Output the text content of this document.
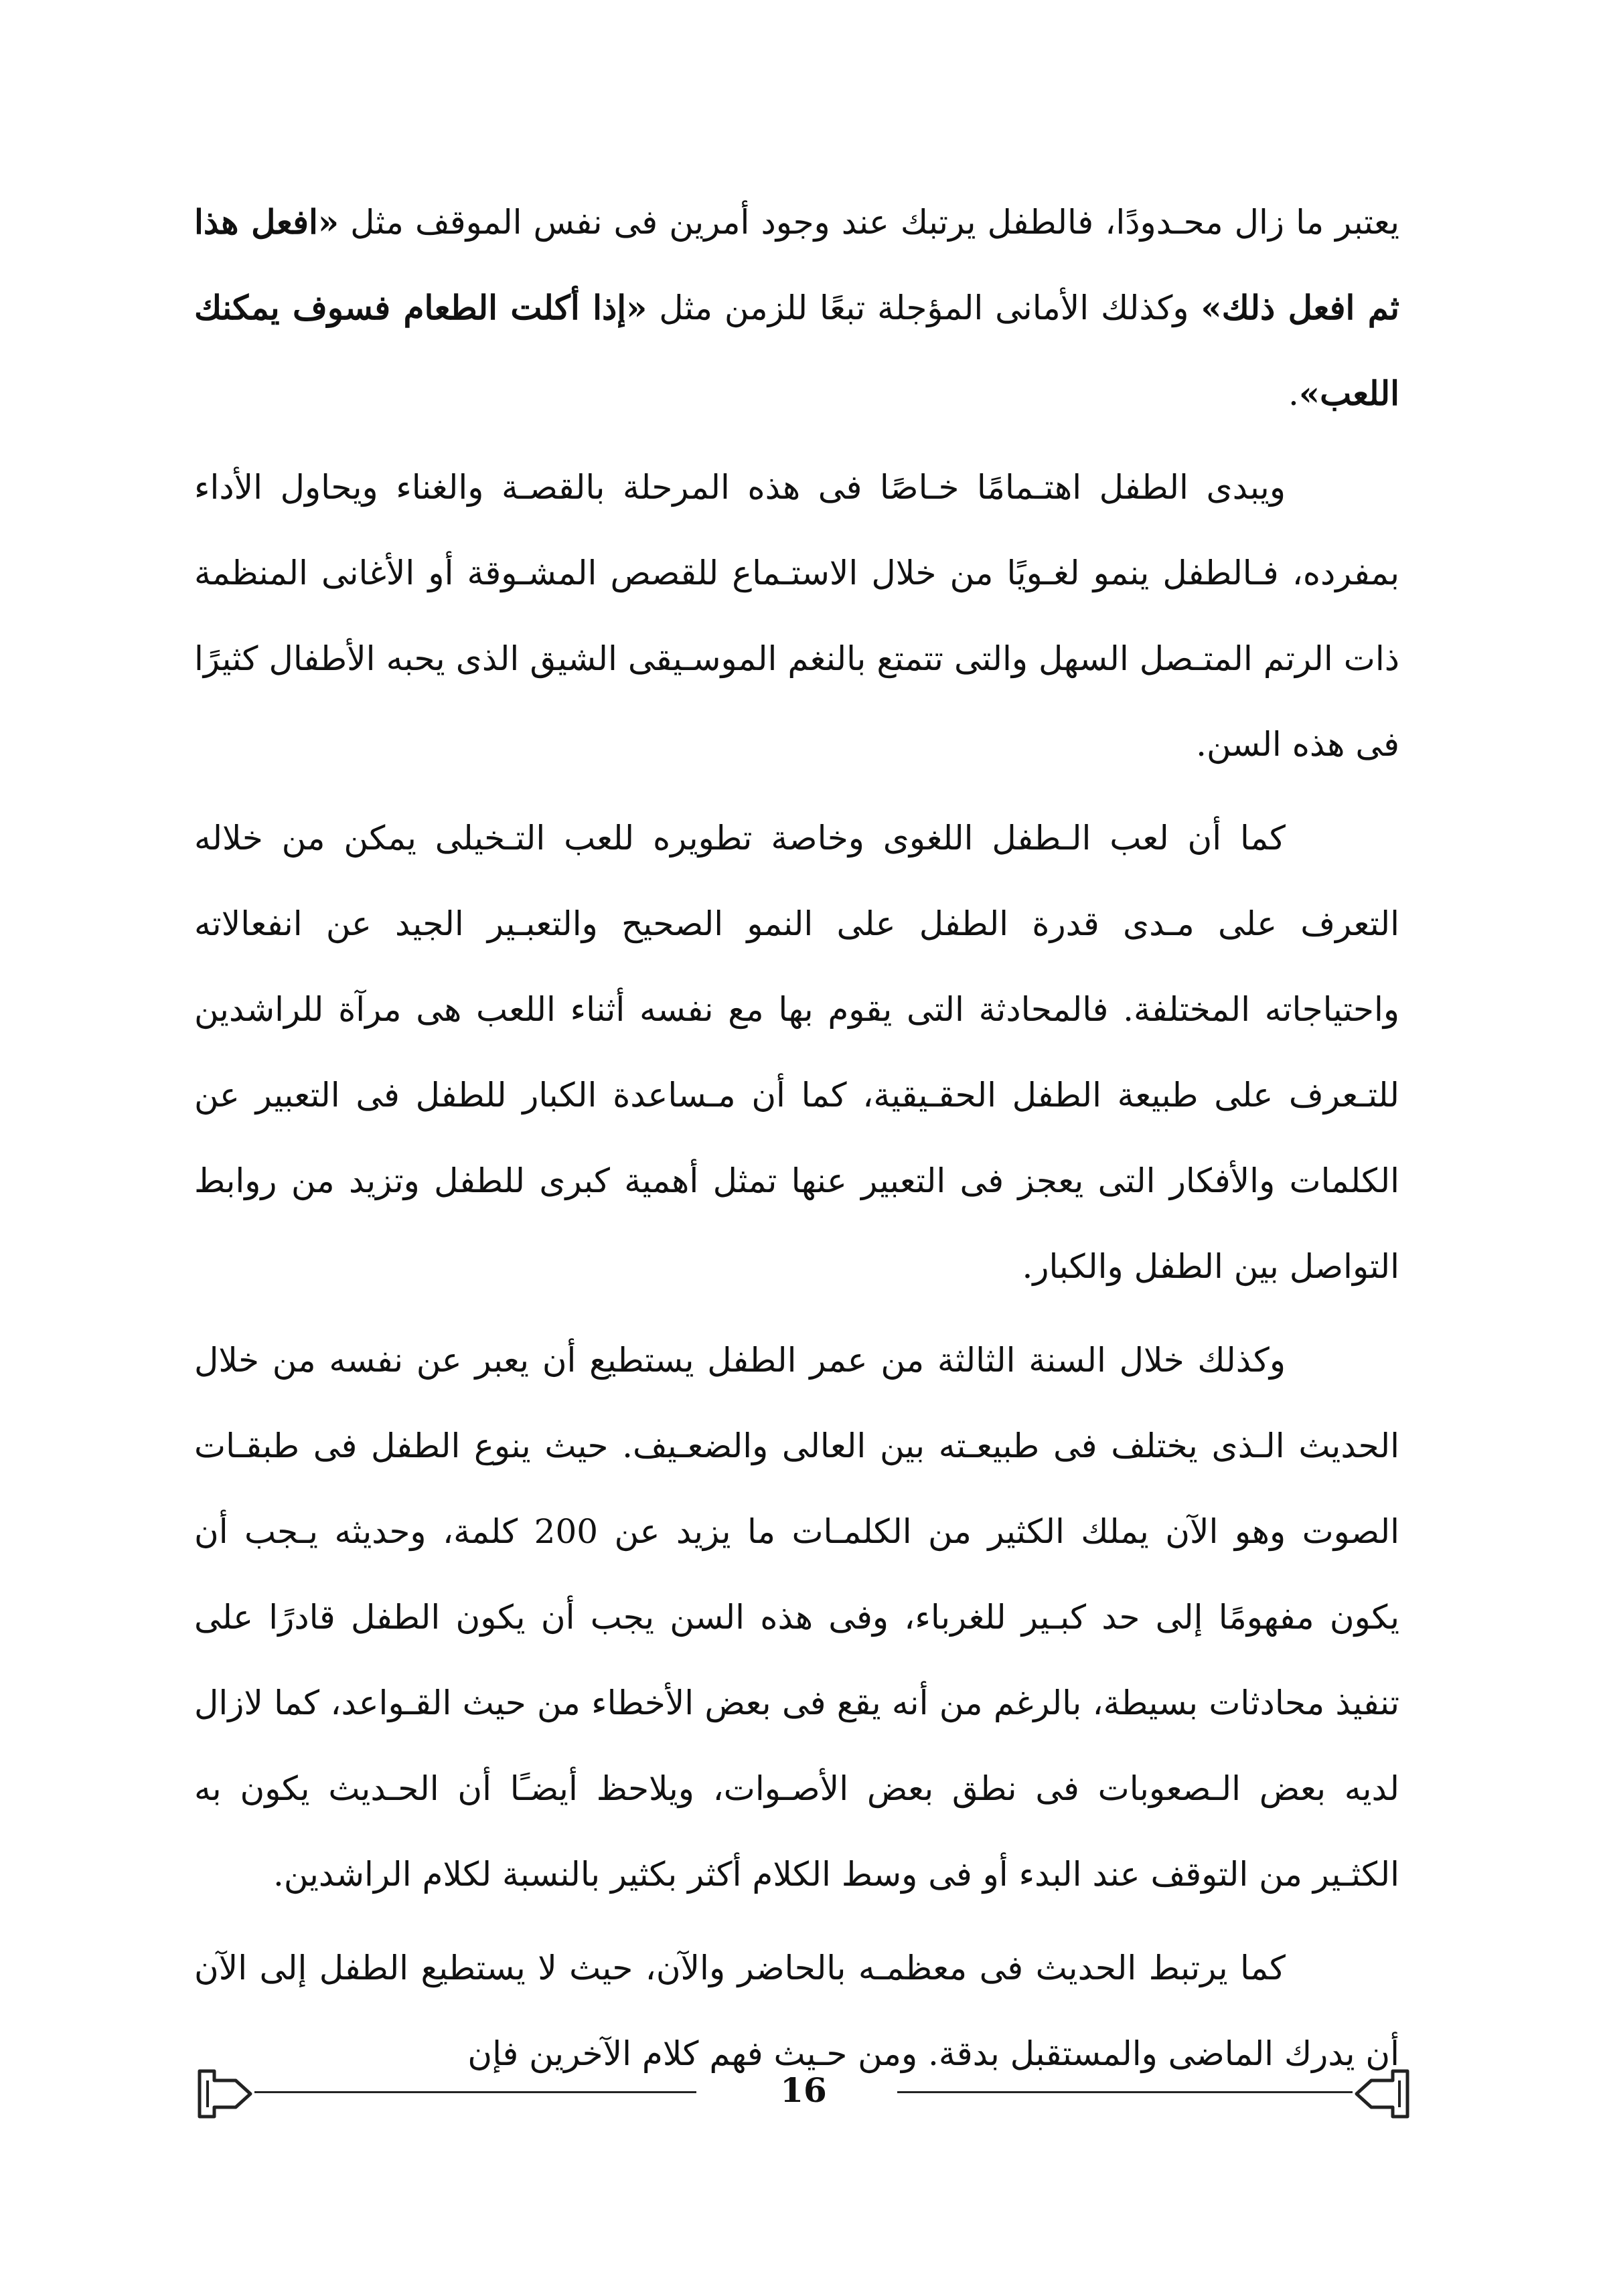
يعتبر ما زال محـدودًا، فالطفل يرتبك عند وجود أمرين فى نفس الموقف مثل «افعل هذا ثم افعل ذلك» وكذلك الأمانى المؤجلة تبعًا للزمن مثل «إذا أكلت الطعام فسوف يمكنك اللعب».

ويبدى الطفل اهتـمامًا خـاصًا فى هذه المرحلة بالقصـة والغناء ويحاول الأداء بمفرده، فـالطفل ينمو لغـويًا من خلال الاستـماع للقصص المشـوقة أو الأغانى المنظمة ذات الرتم المتـصل السهل والتى تتمتع بالنغم الموسـيقى الشيق الذى يحبه الأطفال كثيرًا فى هذه السن.

كما أن لعب الـطفل اللغوى وخاصة تطويره للعب التـخيلى يمكن من خلاله التعرف على مـدى قدرة الطفل على النمو الصحيح والتعبـير الجيد عن انفعالاته واحتياجاته المختلفة. فالمحادثة التى يقوم بها مع نفسه أثناء اللعب هى مرآة للراشدين للتـعرف على طبيعة الطفل الحقـيقية، كما أن مـساعدة الكبار للطفل فى التعبير عن الكلمات والأفكار التى يعجز فى التعبير عنها تمثل أهمية كبرى للطفل وتزيد من روابط التواصل بين الطفل والكبار.

وكذلك خلال السنة الثالثة من عمر الطفل يستطيع أن يعبر عن نفسه من خلال الحديث الـذى يختلف فى طبيعـته بين العالى والضعـيف. حيث ينوع الطفل فى طبقـات الصوت وهو الآن يملك الكثير من الكلمـات ما يزيد عن 200 كلمة، وحديثه يـجب أن يكون مفهومًا إلى حد كبـير للغرباء، وفى هذه السن يجب أن يكون الطفل قادرًا على تنفيذ محادثات بسيطة، بالرغم من أنه يقع فى بعض الأخطاء من حيث القـواعد، كما لازال لديه بعض الـصعوبات فى نطق بعض الأصـوات، ويلاحظ أيضـًا أن الحـديث يكون به الكثـير من التوقف عند البدء أو فى وسط الكلام أكثر بكثير بالنسبة لكلام الراشدين.

كما يرتبط الحديث فى معظمـه بالحاضر والآن، حيث لا يستطيع الطفل إلى الآن أن يدرك الماضى والمستقبل بدقة. ومن حـيث فهم كلام الآخرين فإن

16
